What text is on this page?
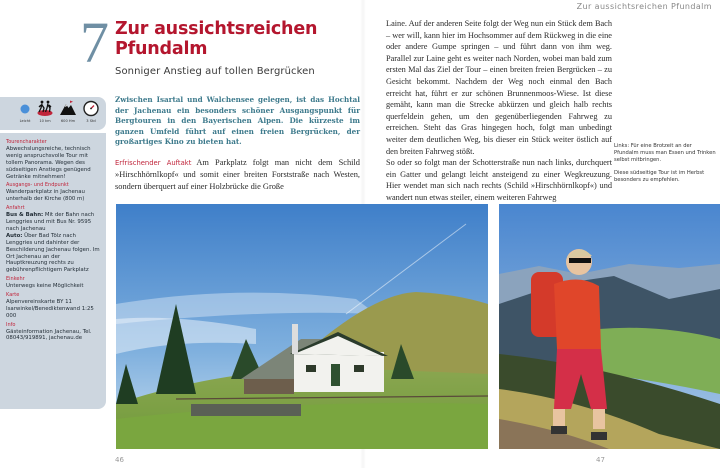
Zur aussichtsreichen Pfundalm
7 Zur aussichtsreichen
Pfundalm
Sonniger Anstieg auf tollen Bergrücken
Leicht	10 km	600 Hm	3 Std
Tourencharakter

Abwechslungsreiche, technisch wenig anspruchsvolle Tour mit tollem Panorama. Wegen des südseitigen Anstiegs genügend Getränke mitnehmen!

Ausgangs- und Endpunkt

Wanderparkplatz in Jachenau unterhalb der Kirche (800 m)

Anfahrt

Bus & Bahn: Mit der Bahn nach Lenggries und mit Bus Nr. 9595 nach Jachenau
Auto: Über Bad Tölz nach Lenggries und dahinter der Beschilderung Jachenau folgen. Im Ort Jachenau an der Hauptkreuzung rechts zu gebührenpflichtigem Parkplatz

Einkehr

Unterwegs keine Möglichkeit

Karte

Alpenvereinskarte BY 11 Isarwinkel/Benediktenwand 1:25 000

Info

Gästeinformation Jachenau, Tel. 08043/919891, jachenau.de

Zwischen Isartal und Walchensee gelegen, ist das Hochtal der Jachenau ein besonders schöner Ausgangspunkt für Bergtouren in den Bayerischen Alpen. Die kürzeste im ganzen Umfeld führt auf einen freien Bergrücken, der großartiges Kino zu bieten hat.
Erfrischender Auftakt Am Parkplatz folgt man nicht dem Schild »Hirschhörnlkopf« und somit einer breiten Forststraße nach Westen, sondern überquert auf einer Holzbrücke die Große

Laine. Auf der anderen Seite folgt der Weg nun ein Stück dem Bach – wer will, kann hier im Hochsommer auf dem Rückweg in die eine oder andere Gumpe springen – und führt dann von ihm weg. Parallel zur Laine geht es weiter nach Norden, wobei man bald zum ersten Mal das Ziel der Tour – einen breiten freien Bergrücken – zu Gesicht bekommt. Nachdem der Weg noch einmal den Bach erreicht hat, führt er zur schönen Brunnenmoos-Wiese. Ist diese gemäht, kann man die Strecke abkürzen und gleich halb rechts querfeldein gehen, um den gegenüberliegenden Fahrweg zu erreichen. Steht das Gras hingegen hoch, folgt man unbedingt weiter dem deutlichen Weg, bis dieser ein Stück weiter östlich auf den breiten Fahrweg stößt.

So oder so folgt man der Schotterstraße nun nach links, durchquert ein Gatter und gelangt leicht ansteigend zu einer Wegkreuzung. Hier wendet man sich nach rechts (Schild »Hirschhörnlkopf«) und wandert nun etwas steiler, einem weiteren Fahrweg

Links: Für eine Brotzeit an der Pfundalm muss man Essen und Trinken selbst mitbringen.

Diese südseitige Tour ist im Herbst besonders zu empfehlen.

46	47
